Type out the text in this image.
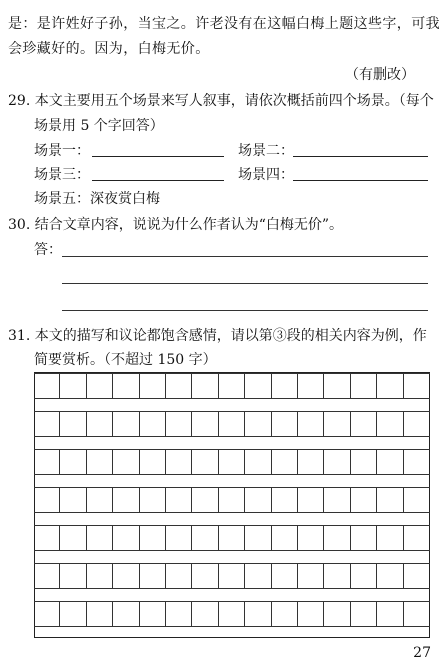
是：是许姓好子孙，当宝之。许老没有在这幅白梅上题这些字，可我
会珍藏好的。因为，白梅无价。
（有删改）
29. 本文主要用五个场景来写人叙事，请依次概括前四个场景。（每个
场景用 5 个字回答）
场景一：	场景二：
场景三：	场景四：
场景五： 深夜赏白梅
30. 结合文章内容，说说为什么作者认为“白梅无价”。
答：
31. 本文的描写和议论都饱含感情，请以第③段的相关内容为例，作
简要赏析。（不超过 150 字）
27
